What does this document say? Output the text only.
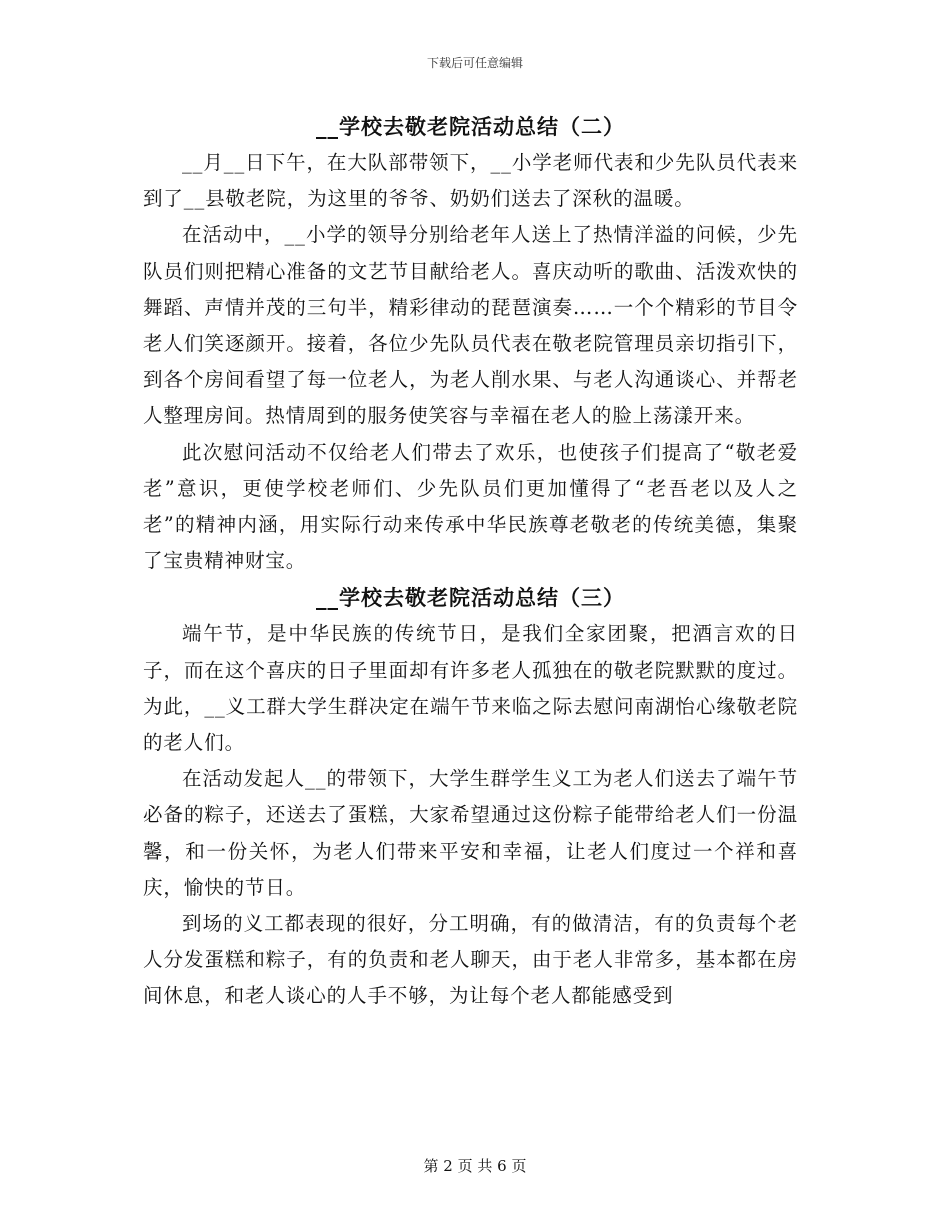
下载后可任意编辑
__学校去敬老院活动总结（二）

__月__日下午，在大队部带领下，__小学老师代表和少先队员代表来到了__县敬老院，为这里的爷爷、奶奶们送去了深秋的温暖。

在活动中，__小学的领导分别给老年人送上了热情洋溢的问候，少先队员们则把精心准备的文艺节目献给老人。喜庆动听的歌曲、活泼欢快的舞蹈、声情并茂的三句半，精彩律动的琵琶演奏……一个个精彩的节目令老人们笑逐颜开。接着，各位少先队员代表在敬老院管理员亲切指引下，到各个房间看望了每一位老人，为老人削水果、与老人沟通谈心、并帮老人整理房间。热情周到的服务使笑容与幸福在老人的脸上荡漾开来。

此次慰问活动不仅给老人们带去了欢乐，也使孩子们提高了“敬老爱老”意识，更使学校老师们、少先队员们更加懂得了“老吾老以及人之老”的精神内涵，用实际行动来传承中华民族尊老敬老的传统美德，集聚了宝贵精神财宝。

__学校去敬老院活动总结（三）

端午节，是中华民族的传统节日，是我们全家团聚，把酒言欢的日子，而在这个喜庆的日子里面却有许多老人孤独在的敬老院默默的度过。为此，__义工群大学生群决定在端午节来临之际去慰问南湖怡心缘敬老院的老人们。

在活动发起人__的带领下，大学生群学生义工为老人们送去了端午节必备的粽子，还送去了蛋糕，大家希望通过这份粽子能带给老人们一份温馨，和一份关怀，为老人们带来平安和幸福，让老人们度过一个祥和喜庆，愉快的节日。

到场的义工都表现的很好，分工明确，有的做清洁，有的负责每个老人分发蛋糕和粽子，有的负责和老人聊天，由于老人非常多，基本都在房间休息，和老人谈心的人手不够，为让每个老人都能感受到

第 2 页 共 6 页
